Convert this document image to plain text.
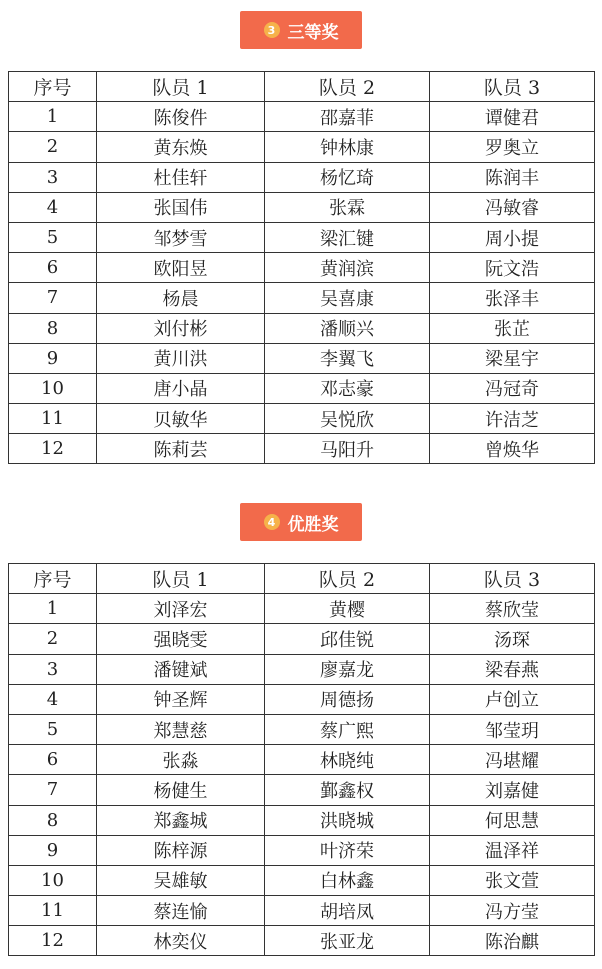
3 三等奖
序号	队员 1	队员 2	队员 3
1	陈俊件	邵嘉菲	谭健君
2	黄东焕	钟林康	罗奥立
3	杜佳轩	杨忆琦	陈润丰
4	张国伟	张霖	冯敏睿
5	邹梦雪	梁汇键	周小提
6	欧阳昱	黄润滨	阮文浩
7	杨晨	吴喜康	张泽丰
8	刘付彬	潘顺兴	张芷
9	黄川洪	李翼飞	梁星宇
10	唐小晶	邓志豪	冯冠奇
11	贝敏华	吴悦欣	许洁芝
12	陈莉芸	马阳升	曾焕华
4 优胜奖
序号	队员 1	队员 2	队员 3
1	刘泽宏	黄樱	蔡欣莹
2	强晓雯	邱佳锐	汤琛
3	潘键斌	廖嘉龙	梁春燕
4	钟圣辉	周德扬	卢创立
5	郑慧慈	蔡广熙	邹莹玥
6	张淼	林晓纯	冯堪耀
7	杨健生	鄞鑫权	刘嘉健
8	郑鑫城	洪晓城	何思慧
9	陈梓源	叶济荣	温泽祥
10	吴雄敏	白林鑫	张文萱
11	蔡连愉	胡培凤	冯方莹
12	林奕仪	张亚龙	陈治麒
